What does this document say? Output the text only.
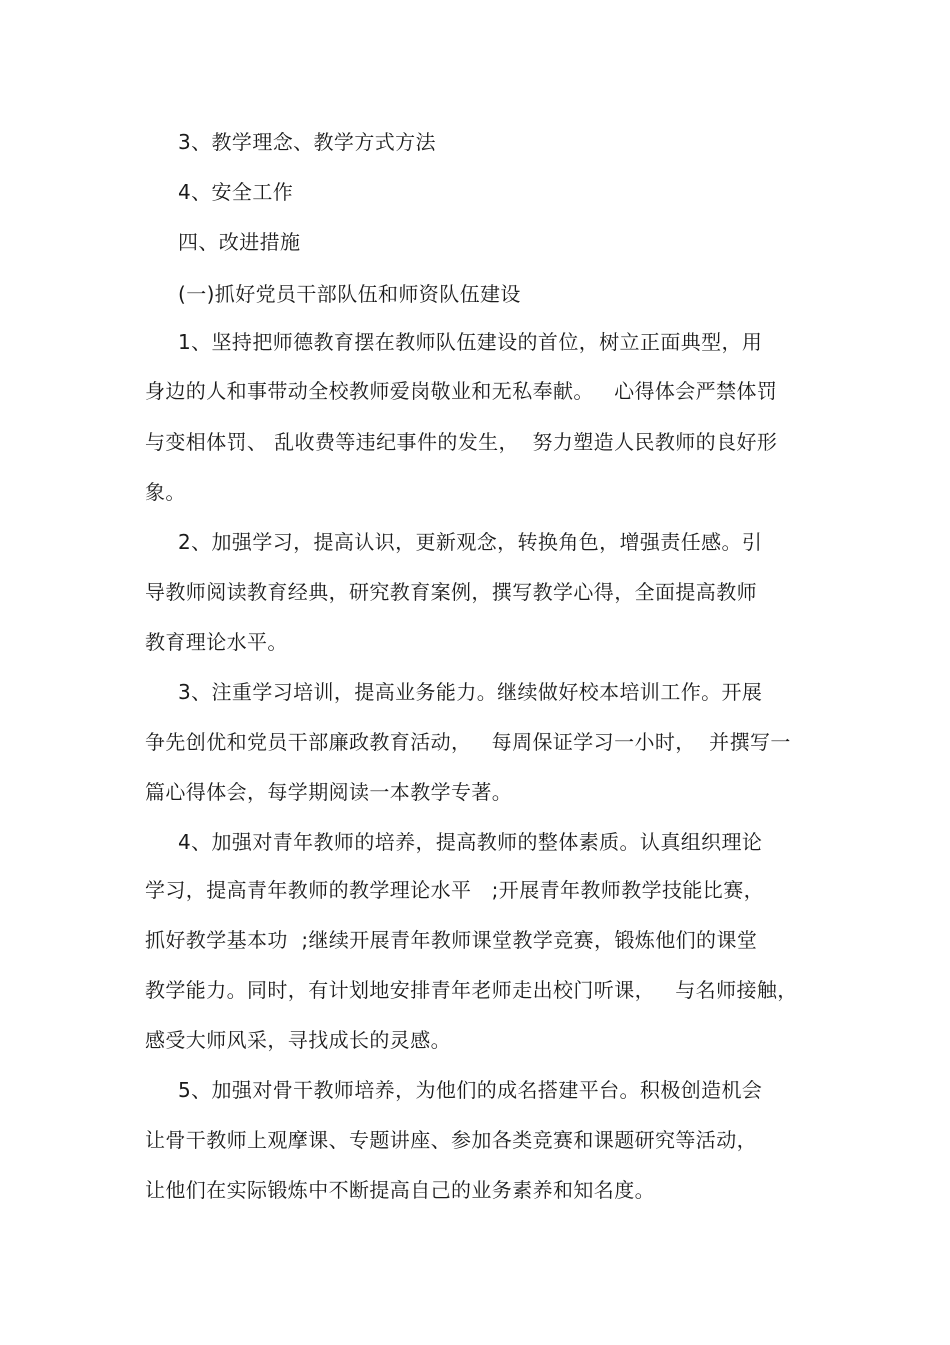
3、教学理念、教学方式方法
4、安全工作
四、改进措施
(一)抓好党员干部队伍和师资队伍建设
1、坚持把师德教育摆在教师队伍建设的首位，树立正面典型，用
身边的人和事带动全校教师爱岗敬业和无私奉献。   心得体会严禁体罚
与变相体罚、 乱收费等违纪事件的发生，  努力塑造人民教师的良好形
象。
2、加强学习，提高认识，更新观念，转换角色，增强责任感。引
导教师阅读教育经典，研究教育案例，撰写教学心得，全面提高教师
教育理论水平。
3、注重学习培训，提高业务能力。继续做好校本培训工作。开展
争先创优和党员干部廉政教育活动，   每周保证学习一小时，  并撰写一
篇心得体会，每学期阅读一本教学专著。
4、加强对青年教师的培养，提高教师的整体素质。认真组织理论
学习，提高青年教师的教学理论水平   ;开展青年教师教学技能比赛，
抓好教学基本功  ;继续开展青年教师课堂教学竞赛，锻炼他们的课堂
教学能力。同时，有计划地安排青年老师走出校门听课，   与名师接触，
感受大师风采，寻找成长的灵感。
5、加强对骨干教师培养，为他们的成名搭建平台。积极创造机会
让骨干教师上观摩课、专题讲座、参加各类竞赛和课题研究等活动，
让他们在实际锻炼中不断提高自己的业务素养和知名度。
